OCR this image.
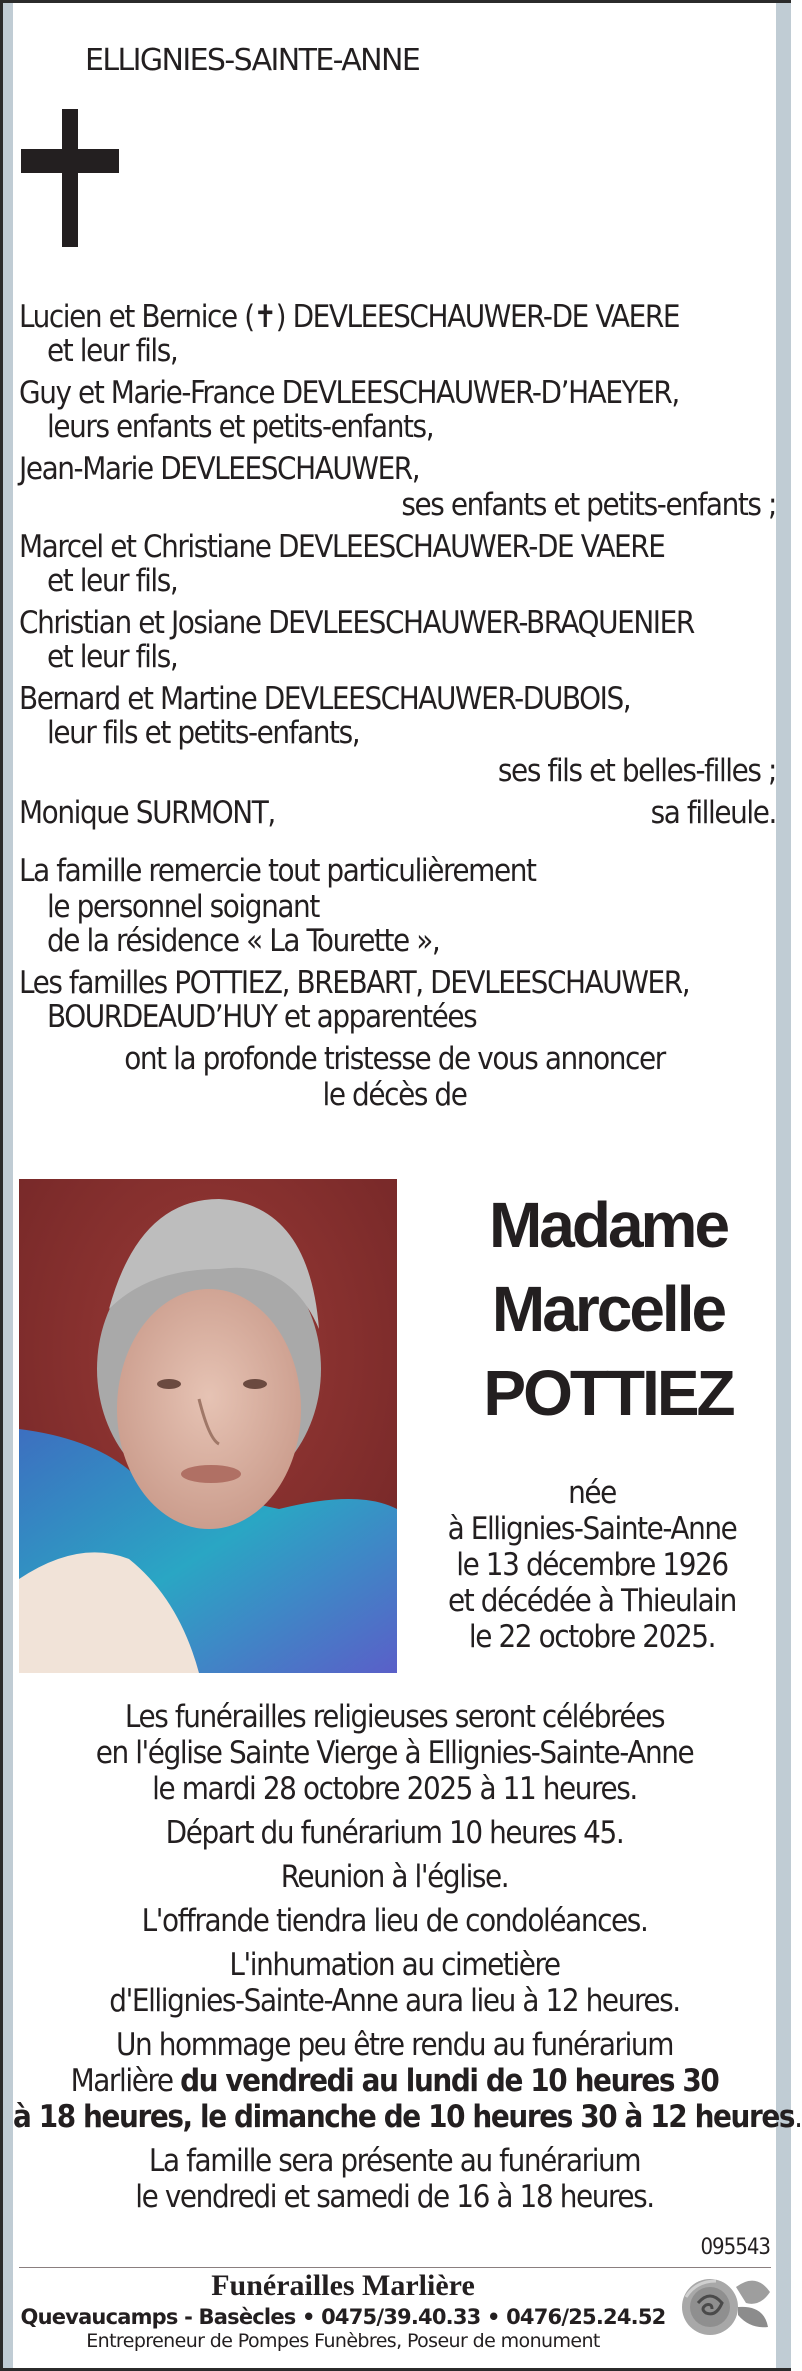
ELLIGNIES-SAINTE-ANNE
Lucien et Bernice (✝) DEVLEESCHAUWER-DE VAERE
et leur fils,
Guy et Marie-France DEVLEESCHAUWER-D’HAEYER,
leurs enfants et petits-enfants,
Jean-Marie DEVLEESCHAUWER,
ses enfants et petits-enfants ;
Marcel et Christiane DEVLEESCHAUWER-DE VAERE
et leur fils,
Christian et Josiane DEVLEESCHAUWER-BRAQUENIER
et leur fils,
Bernard et Martine DEVLEESCHAUWER-DUBOIS,
leur fils et petits-enfants,
ses fils et belles-filles ;
Monique SURMONT,	sa filleule.
La famille remercie tout particulièrement
le personnel soignant
de la résidence « La Tourette »,
Les familles POTTIEZ, BREBART, DEVLEESCHAUWER,
BOURDEAUD’HUY et apparentées
ont la profonde tristesse de vous annoncer
le décès de
Madame
Marcelle
POTTIEZ
née
à Ellignies-Sainte-Anne
le 13 décembre 1926
et décédée à Thieulain
le 22 octobre 2025.
Les funérailles religieuses seront célébrées
en l'église Sainte Vierge à Ellignies-Sainte-Anne
le mardi 28 octobre 2025 à 11 heures.
Départ du funérarium 10 heures 45.
Reunion à l'église.
L'offrande tiendra lieu de condoléances.
L'inhumation au cimetière
d'Ellignies-Sainte-Anne aura lieu à 12 heures.
Un hommage peu être rendu au funérarium
Marlière du vendredi au lundi de 10 heures 30
à 18 heures, le dimanche de 10 heures 30 à 12 heures.
La famille sera présente au funérarium
le vendredi et samedi de 16 à 18 heures.
095543
Funérailles Marlière
Quevaucamps - Basècles • 0475/39.40.33 • 0476/25.24.52
Entrepreneur de Pompes Funèbres, Poseur de monument
